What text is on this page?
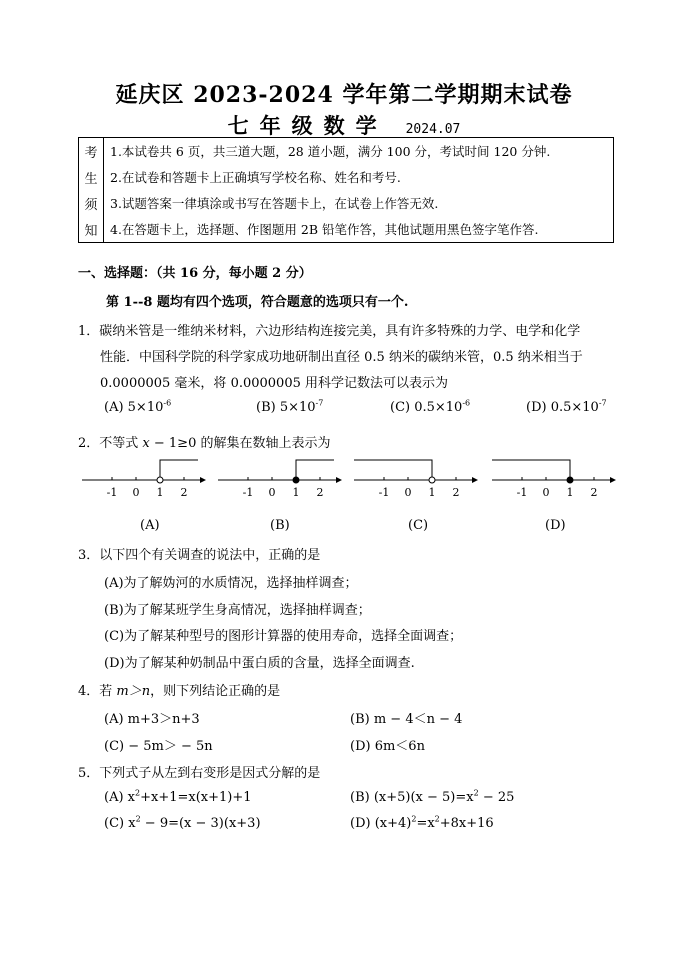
延庆区 2023-2024 学年第二学期期末试卷
七年级数学 2024.07
考	1.本试卷共 6 页，共三道大题，28 道小题，满分 100 分，考试时间 120 分钟.
生	2.在试卷和答题卡上正确填写学校名称、姓名和考号.
须	3.试题答案一律填涂或书写在答题卡上，在试卷上作答无效.
知	4.在答题卡上，选择题、作图题用 2B 铅笔作答，其他试题用黑色签字笔作答.
一、选择题：（共 16 分，每小题 2 分）
第 1--8 题均有四个选项，符合题意的选项只有一个.
1．碳纳米管是一维纳米材料，六边形结构连接完美，具有许多特殊的力学、电学和化学
性能．中国科学院的科学家成功地研制出直径 0.5 纳米的碳纳米管，0.5 纳米相当于
0.0000005 毫米，将 0.0000005 用科学记数法可以表示为
(A) $5\times 10^{-6}$	(B) $5\times 10^{-7}$	(C) $0.5\times 10^{-6}$	(D) $0.5\times 10^{-7}$
2．不等式 x − 1≥0 的解集在数轴上表示为
-1 0 1 2	-1 0 1 2	-1 0 1 2	-1 0 1 2
(A)	(B)	(C)	(D)
3．以下四个有关调查的说法中，正确的是
(A)为了解妫河的水质情况，选择抽样调查；
(B)为了解某班学生身高情况，选择抽样调查；
(C)为了解某种型号的图形计算器的使用寿命，选择全面调查；
(D)为了解某种奶制品中蛋白质的含量，选择全面调查.
4．若 m＞n，则下列结论正确的是
(A) m+3＞n+3	(B) m − 4＜n − 4
(C) − 5m＞ − 5n	(D) 6m＜6n
5．下列式子从左到右变形是因式分解的是
(A) $x^2+x+1=x(x+1)+1$	(B) $(x+5)(x - 5)=x^2 - 25$
(C) $x^2 - 9=(x - 3)(x+3)$	(D) $(x+4)^2=x^2+8x+16$
